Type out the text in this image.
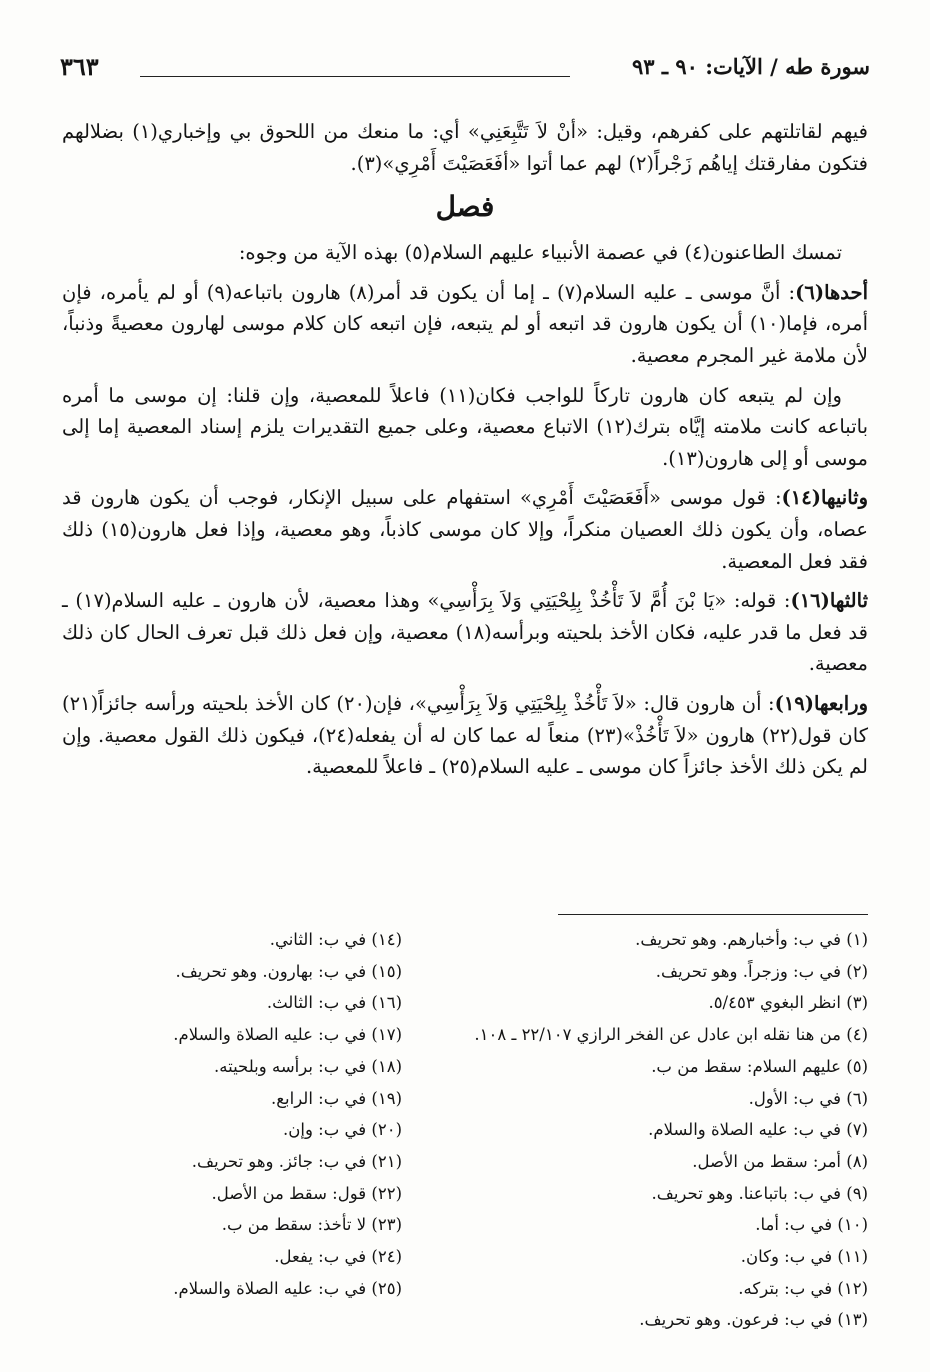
سورة طه / الآيات: ٩٠ ـ ٩٣
٣٦٣

فيهم لقاتلتهم على كفرهم، وقيل: «أنْ لاَ تَتَّبِعَنِي» أي: ما منعك من اللحوق بي وإخباري(١) بضلالهم فتكون مفارقتك إياهُم زَجْراً(٢) لهم عما أتوا «أفَعَصَيْتَ أَمْرِي»(٣).

فصل

تمسك الطاعنون(٤) في عصمة الأنبياء عليهم السلام(٥) بهذه الآية من وجوه:

أحدها(٦): أنَّ موسى ـ عليه السلام(٧) ـ إما أن يكون قد أمر(٨) هارون باتباعه(٩) أو لم يأمره، فإن أمره، فإما(١٠) أن يكون هارون قد اتبعه أو لم يتبعه، فإن اتبعه كان كلام موسى لهارون معصيةً وذنباً، لأن ملامة غير المجرم معصية.

وإن لم يتبعه كان هارون تاركاً للواجب فكان(١١) فاعلاً للمعصية، وإن قلنا: إن موسى ما أمره باتباعه كانت ملامته إيَّاه بترك(١٢) الاتباع معصية، وعلى جميع التقديرات يلزم إسناد المعصية إما إلى موسى أو إلى هارون(١٣).

وثانيها(١٤): قول موسى «أَفَعَصَيْتَ أَمْرِي» استفهام على سبيل الإنكار، فوجب أن يكون هارون قد عصاه، وأن يكون ذلك العصيان منكراً، وإلا كان موسى كاذباً، وهو معصية، وإذا فعل هارون(١٥) ذلك فقد فعل المعصية.

ثالثها(١٦): قوله: «يَا بْنَ أُمَّ لاَ تَأْخُذْ بِلِحْيَتِي وَلاَ بِرَأْسِي» وهذا معصية، لأن هارون ـ عليه السلام(١٧) ـ قد فعل ما قدر عليه، فكان الأخذ بلحيته وبرأسه(١٨) معصية، وإن فعل ذلك قبل تعرف الحال كان ذلك معصية.

ورابعها(١٩): أن هارون قال: «لاَ تَأْخُذْ بِلِحْيَتِي وَلاَ بِرَأْسِي»، فإن(٢٠) كان الأخذ بلحيته ورأسه جائزاً(٢١) كان قول(٢٢) هارون «لاَ تَأْخُذْ»(٢٣) منعاً له عما كان له أن يفعله(٢٤)، فيكون ذلك القول معصية. وإن لم يكن ذلك الأخذ جائزاً كان موسى ـ عليه السلام(٢٥) ـ فاعلاً للمعصية.

(١) في ب: وأخبارهم. وهو تحريف.
(٢) في ب: وزجراً. وهو تحريف.
(٣) انظر البغوي ٥/٤٥٣.
(٤) من هنا نقله ابن عادل عن الفخر الرازي ٢٢/١٠٧ ـ ١٠٨.
(٥) عليهم السلام: سقط من ب.
(٦) في ب: الأول.
(٧) في ب: عليه الصلاة والسلام.
(٨) أمر: سقط من الأصل.
(٩) في ب: باتباعنا. وهو تحريف.
(١٠) في ب: أما.
(١١) في ب: وكان.
(١٢) في ب: بتركه.
(١٣) في ب: فرعون. وهو تحريف.
(١٤) في ب: الثاني.
(١٥) في ب: بهارون. وهو تحريف.
(١٦) في ب: الثالث.
(١٧) في ب: عليه الصلاة والسلام.
(١٨) في ب: برأسه وبلحيته.
(١٩) في ب: الرابع.
(٢٠) في ب: وإن.
(٢١) في ب: جائز. وهو تحريف.
(٢٢) قول: سقط من الأصل.
(٢٣) لا تأخذ: سقط من ب.
(٢٤) في ب: يفعل.
(٢٥) في ب: عليه الصلاة والسلام.
